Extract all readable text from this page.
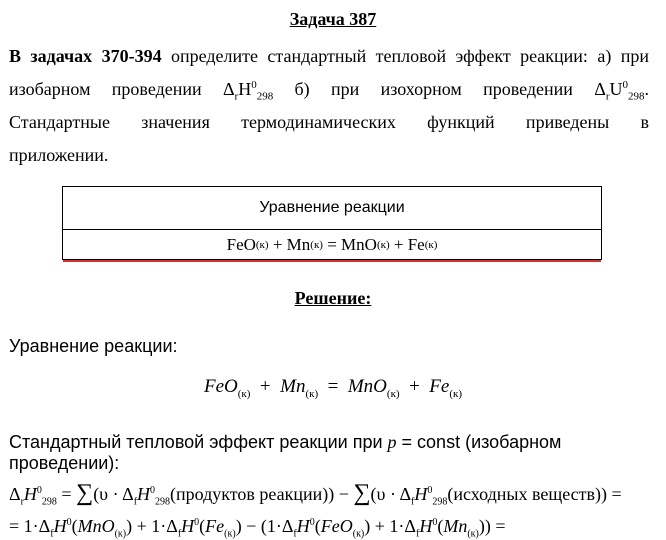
Задача 387
В задачах 370-394 определите стандартный тепловой эффект реакции: а) при
изобарном проведении $\Delta_rH^0_{298}$ б) при изохорном проведении $\Delta_rU^0_{298}$.
Стандартные значения термодинамических функций приведены в
приложении.
Уравнение реакции
FeO (к) + Mn (к) = MnO (к) + Fe (к)
Решение:
Уравнение реакции:
$FeO_{(к)} + Mn_{(к)} = MnO_{(к)} + Fe_{(к)}$
Стандартный тепловой эффект реакции при p = const (изобарном проведении):
$\Delta_rH^0_{298} = \sum(\upsilon$ · $\Delta_fH^0_{298}(продуктов$ реакции)) − $\sum(\upsilon \cdot \Delta_fH^0_{298}(исходных$ веществ)) =
= $1\cdot\Delta_fH^0(MnO_{(к)}) + 1\cdot\Delta_fH^0(Fe_{(к)}) - (1\cdot\Delta_fH^0(FeO_{(к)}) + 1\cdot\Delta_fH^0(Mn_{(к)}))$ =
